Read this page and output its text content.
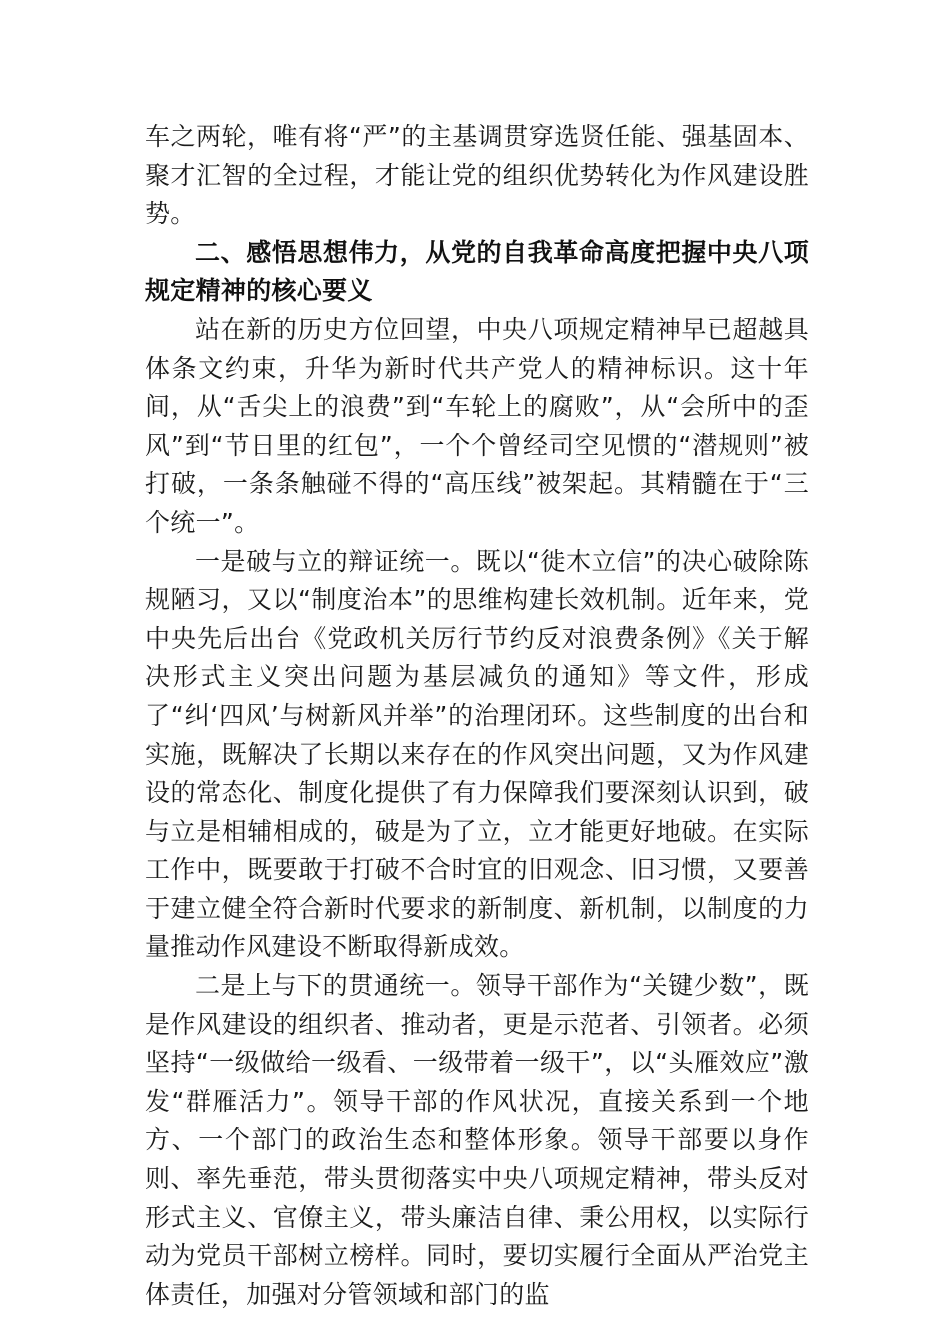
车之两轮，唯有将“严”的主基调贯穿选贤任能、强基固本、聚才汇智的全过程，才能让党的组织优势转化为作风建设胜势。

二、感悟思想伟力，从党的自我革命高度把握中央八项规定精神的核心要义

站在新的历史方位回望，中央八项规定精神早已超越具体条文约束，升华为新时代共产党人的精神标识。这十年间，从“舌尖上的浪费”到“车轮上的腐败”，从“会所中的歪风”到“节日里的红包”，一个个曾经司空见惯的“潜规则”被打破，一条条触碰不得的“高压线”被架起。其精髓在于“三个统一”。

一是破与立的辩证统一。既以“徙木立信”的决心破除陈规陋习，又以“制度治本”的思维构建长效机制。近年来，党中央先后出台《党政机关厉行节约反对浪费条例》《关于解决形式主义突出问题为基层减负的通知》等文件，形成了“纠‘四风’与树新风并举”的治理闭环。这些制度的出台和实施，既解决了长期以来存在的作风突出问题，又为作风建设的常态化、制度化提供了有力保障我们要深刻认识到，破与立是相辅相成的，破是为了立，立才能更好地破。在实际工作中，既要敢于打破不合时宜的旧观念、旧习惯，又要善于建立健全符合新时代要求的新制度、新机制，以制度的力量推动作风建设不断取得新成效。

二是上与下的贯通统一。领导干部作为“关键少数”，既是作风建设的组织者、推动者，更是示范者、引领者。必须坚持“一级做给一级看、一级带着一级干”，以“头雁效应”激发“群雁活力”。领导干部的作风状况，直接关系到一个地方、一个部门的政治生态和整体形象。领导干部要以身作则、率先垂范，带头贯彻落实中央八项规定精神，带头反对形式主义、官僚主义，带头廉洁自律、秉公用权，以实际行动为党员干部树立榜样。同时，要切实履行全面从严治党主体责任，加强对分管领域和部门的监
